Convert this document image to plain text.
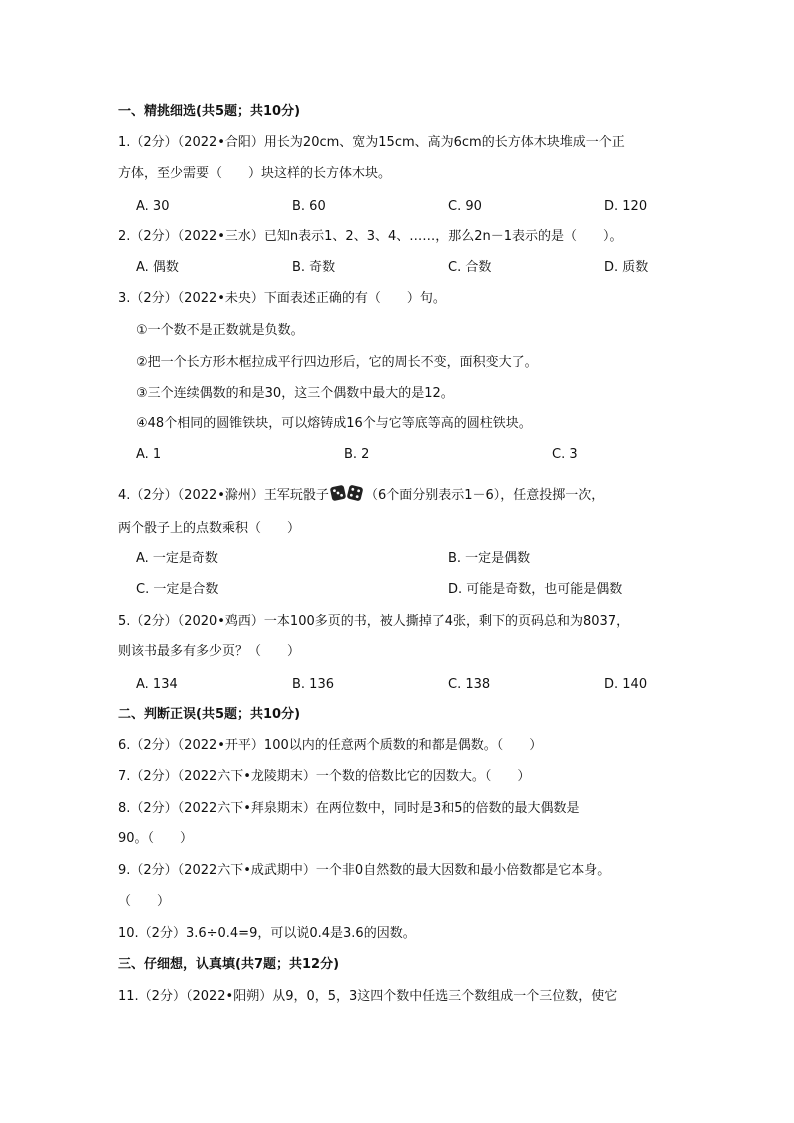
一、精挑细选(共5题；共10分)
1.（2分）（2022•合阳）用长为20cm、宽为15cm、高为6cm的长方体木块堆成一个正
方体，至少需要（　　）块这样的长方体木块。
A. 30	B. 60	C. 90	D. 120
2.（2分）（2022•三水）已知n表示1、2、3、4、……，那么2n－1表示的是（　　）。
A. 偶数	B. 奇数	C. 合数	D. 质数
3.（2分）（2022•未央）下面表述正确的有（　　）句。
①一个数不是正数就是负数。
②把一个长方形木框拉成平行四边形后，它的周长不变，面积变大了。
③三个连续偶数的和是30，这三个偶数中最大的是12。
④48个相同的圆锥铁块，可以熔铸成16个与它等底等高的圆柱铁块。
A. 1	B. 2	C. 3
4.（2分）（2022•滁州）王军玩骰子	（6个面分别表示1－6），任意投掷一次，
两个骰子上的点数乘积（　　）
A. 一定是奇数	B. 一定是偶数
C. 一定是合数	D. 可能是奇数，也可能是偶数
5.（2分）（2020•鸡西）一本100多页的书，被人撕掉了4张，剩下的页码总和为8037，
则该书最多有多少页？（　　）
A. 134	B. 136	C. 138	D. 140
二、判断正误(共5题；共10分)
6.（2分）（2022•开平）100以内的任意两个质数的和都是偶数。（　　）
7.（2分）（2022六下•龙陵期末）一个数的倍数比它的因数大。（　　）
8.（2分）（2022六下•拜泉期末）在两位数中，同时是3和5的倍数的最大偶数是
90。（　　）
9.（2分）（2022六下•成武期中）一个非0自然数的最大因数和最小倍数都是它本身。
（　　）
10.（2分）3.6÷0.4=9，可以说0.4是3.6的因数。
三、仔细想，认真填(共7题；共12分)
11.（2分）（2022•阳朔）从9，0，5，3这四个数中任选三个数组成一个三位数，使它
